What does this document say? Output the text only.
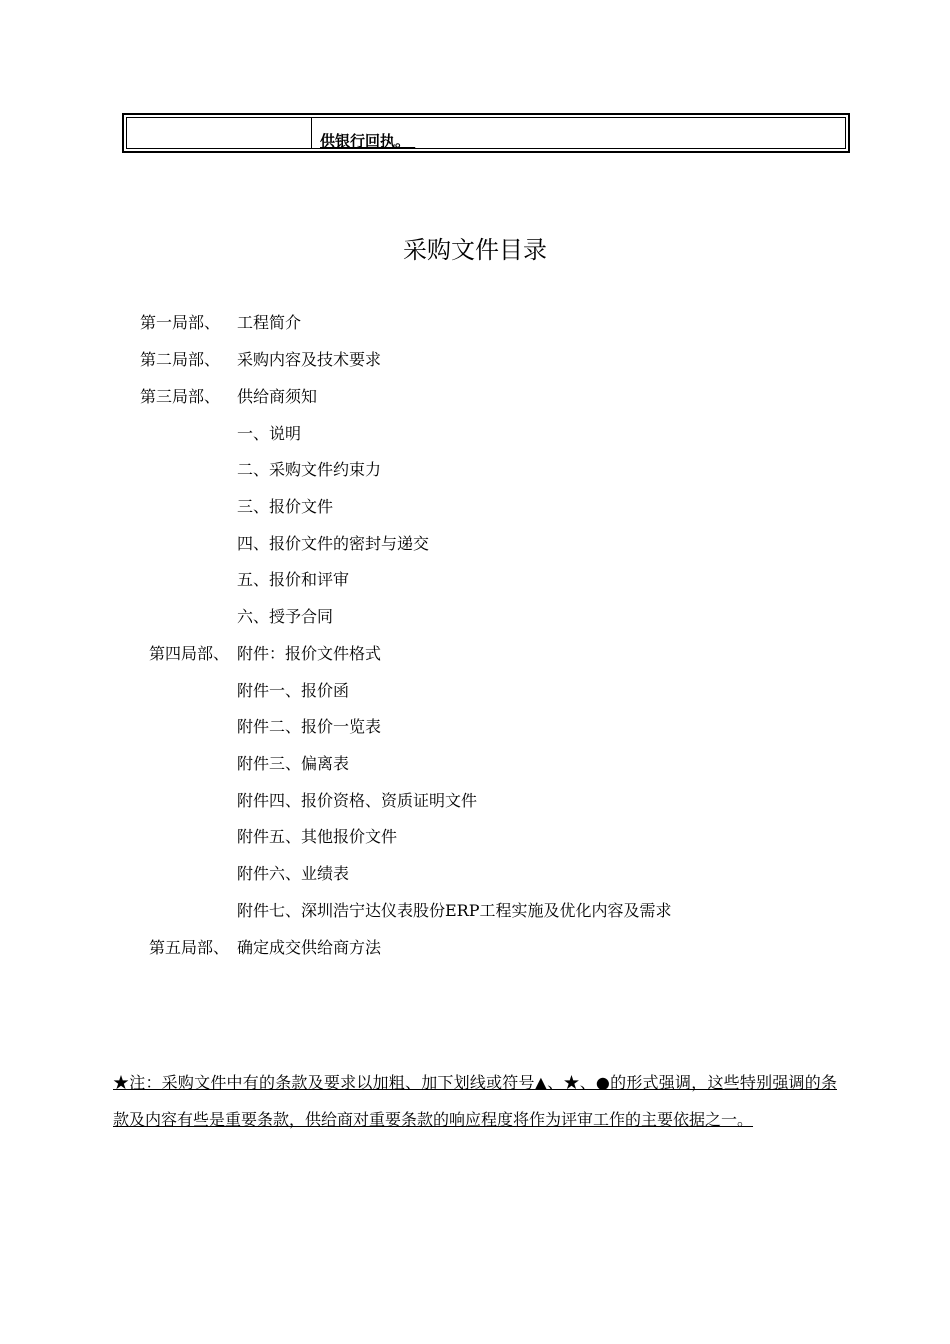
供银行回执。
采购文件目录
第一局部、 工程简介
第二局部、 采购内容及技术要求
第三局部、 供给商须知
一、说明
二、采购文件约束力
三、报价文件
四、报价文件的密封与递交
五、报价和评审
六、授予合同
第四局部、 附件：报价文件格式
附件一、报价函
附件二、报价一览表
附件三、偏离表
附件四、报价资格、资质证明文件
附件五、其他报价文件
附件六、业绩表
附件七、深圳浩宁达仪表股份ERP工程实施及优化内容及需求
第五局部、 确定成交供给商方法
★注：采购文件中有的条款及要求以加粗、加下划线或符号▲、★、●的形式强调，这些特别强调的条款及内容有些是重要条款，供给商对重要条款的响应程度将作为评审工作的主要依据之一。
